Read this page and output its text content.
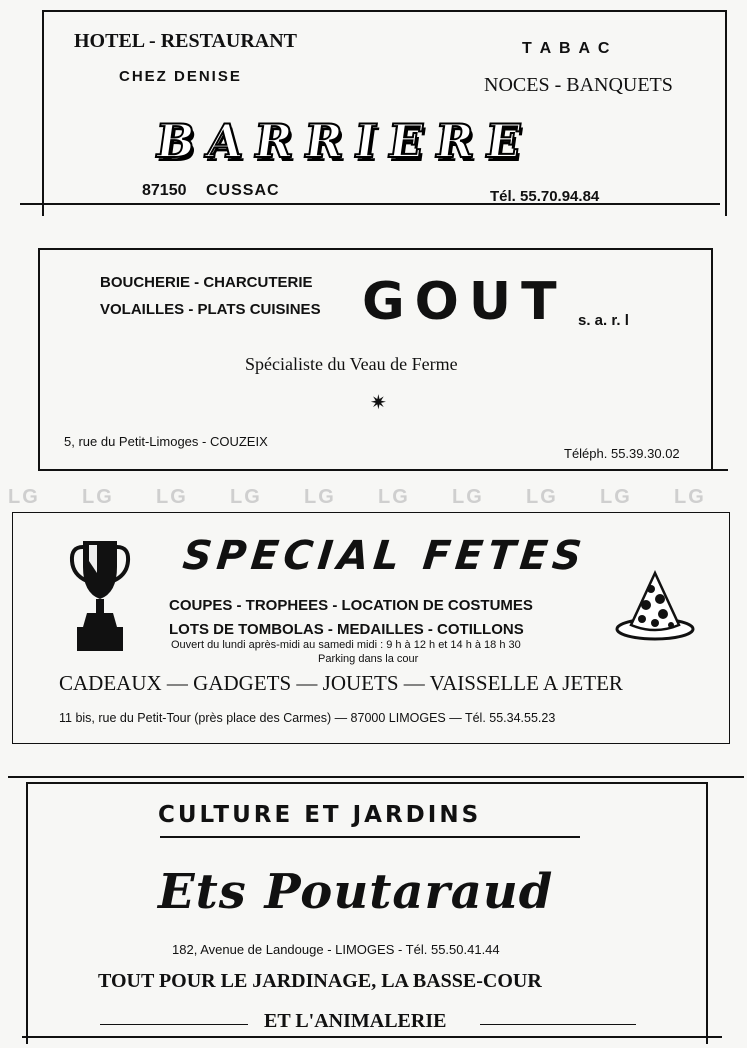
HOTEL - RESTAURANT
CHEZ DENISE
T A B A C
NOCES - BANQUETS
BARRIERE
87150 CUSSAC	Tél. 55.70.94.84
BOUCHERIE - CHARCUTERIE
VOLAILLES - PLATS CUISINES GOUT s. a. r. l
Spécialiste du Veau de Ferme
✷
5, rue du Petit-Limoges - COUZEIX
Téléph. 55.39.30.02
LG LG LG LG LG LG LG LG LG LG
SPECIAL FETES
COUPES - TROPHEES - LOCATION DE COSTUMES
LOTS DE TOMBOLAS - MEDAILLES - COTILLONS
Ouvert du lundi après-midi au samedi midi : 9 h à 12 h et 14 h à 18 h 30
Parking dans la cour
CADEAUX — GADGETS — JOUETS — VAISSELLE A JETER
11 bis, rue du Petit-Tour (près place des Carmes) — 87000 LIMOGES — Tél. 55.34.55.23
CULTURE ET JARDINS
Ets Poutaraud
182, Avenue de Landouge - LIMOGES - Tél. 55.50.41.44
TOUT POUR LE JARDINAGE, LA BASSE-COUR
ET L'ANIMALERIE
